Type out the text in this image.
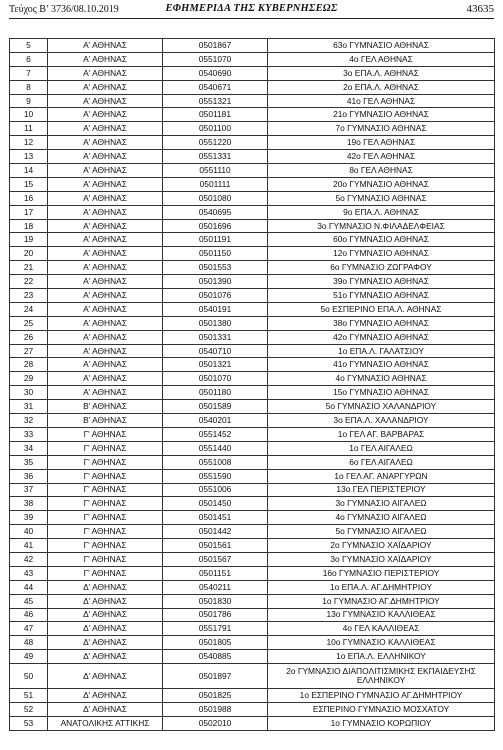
Τεύχος Β’ 3736/08.10.2019	ΕΦΗΜΕΡΙΔΑ ΤΗΣ ΚΥΒΕΡΝΗΣΕΩΣ	43635
5	Α' ΑΘΗΝΑΣ	0501867	63ο ΓΥΜΝΑΣΙΟ ΑΘΗΝΑΣ
6	Α' ΑΘΗΝΑΣ	0551070	4ο ΓΕΛ ΑΘΗΝΑΣ
7	Α' ΑΘΗΝΑΣ	0540690	3ο ΕΠΑ.Λ. ΑΘΗΝΑΣ
8	Α' ΑΘΗΝΑΣ	0540671	2ο ΕΠΑ.Λ. ΑΘΗΝΑΣ
9	Α' ΑΘΗΝΑΣ	0551321	41ο ΓΕΛ ΑΘΗΝΑΣ
10	Α' ΑΘΗΝΑΣ	0501181	21ο ΓΥΜΝΑΣΙΟ ΑΘΗΝΑΣ
11	Α' ΑΘΗΝΑΣ	0501100	7ο ΓΥΜΝΑΣΙΟ ΑΘΗΝΑΣ
12	Α' ΑΘΗΝΑΣ	0551220	19ο ΓΕΛ ΑΘΗΝΑΣ
13	Α' ΑΘΗΝΑΣ	0551331	42ο ΓΕΛ ΑΘΗΝΑΣ
14	Α' ΑΘΗΝΑΣ	0551110	8ο ΓΕΛ ΑΘΗΝΑΣ
15	Α' ΑΘΗΝΑΣ	0501111	20ο ΓΥΜΝΑΣΙΟ ΑΘΗΝΑΣ
16	Α' ΑΘΗΝΑΣ	0501080	5ο ΓΥΜΝΑΣΙΟ ΑΘΗΝΑΣ
17	Α' ΑΘΗΝΑΣ	0540695	9ο ΕΠΑ.Λ. ΑΘΗΝΑΣ
18	Α' ΑΘΗΝΑΣ	0501696	3ο ΓΥΜΝΑΣΙΟ Ν.ΦΙΛΑΔΕΛΦΕΙΑΣ
19	Α' ΑΘΗΝΑΣ	0501191	60ο ΓΥΜΝΑΣΙΟ ΑΘΗΝΑΣ
20	Α' ΑΘΗΝΑΣ	0501150	12ο ΓΥΜΝΑΣΙΟ ΑΘΗΝΑΣ
21	Α' ΑΘΗΝΑΣ	0501553	6ο ΓΥΜΝΑΣΙΟ ΖΩΓΡΑΦΟΥ
22	Α' ΑΘΗΝΑΣ	0501390	39ο ΓΥΜΝΑΣΙΟ ΑΘΗΝΑΣ
23	Α' ΑΘΗΝΑΣ	0501076	51ο ΓΥΜΝΑΣΙΟ ΑΘΗΝΑΣ
24	Α' ΑΘΗΝΑΣ	0540191	5ο ΕΣΠΕΡΙΝΟ ΕΠΑ.Λ. ΑΘΗΝΑΣ
25	Α' ΑΘΗΝΑΣ	0501380	38ο ΓΥΜΝΑΣΙΟ ΑΘΗΝΑΣ
26	Α' ΑΘΗΝΑΣ	0501331	42ο ΓΥΜΝΑΣΙΟ ΑΘΗΝΑΣ
27	Α' ΑΘΗΝΑΣ	0540710	1ο ΕΠΑ.Λ. ΓΑΛΑΤΣΙΟΥ
28	Α' ΑΘΗΝΑΣ	0501321	41ο ΓΥΜΝΑΣΙΟ ΑΘΗΝΑΣ
29	Α' ΑΘΗΝΑΣ	0501070	4ο ΓΥΜΝΑΣΙΟ ΑΘΗΝΑΣ
30	Α' ΑΘΗΝΑΣ	0501180	15ο ΓΥΜΝΑΣΙΟ ΑΘΗΝΑΣ
31	Β' ΑΘΗΝΑΣ	0501589	5ο ΓΥΜΝΑΣΙΟ ΧΑΛΑΝΔΡΙΟΥ
32	Β' ΑΘΗΝΑΣ	0540201	3ο ΕΠΑ.Λ. ΧΑΛΑΝΔΡΙΟΥ
33	Γ' ΑΘΗΝΑΣ	0551452	1ο ΓΕΛ ΑΓ. ΒΑΡΒΑΡΑΣ
34	Γ' ΑΘΗΝΑΣ	0551440	1ο ΓΕΛ ΑΙΓΑΛΕΩ
35	Γ' ΑΘΗΝΑΣ	0551008	6ο ΓΕΛ ΑΙΓΑΛΕΩ
36	Γ' ΑΘΗΝΑΣ	0551590	1ο ΓΕΛ ΑΓ. ΑΝΑΡΓΥΡΩΝ
37	Γ' ΑΘΗΝΑΣ	0551006	13ο ΓΕΛ ΠΕΡΙΣΤΕΡΙΟΥ
38	Γ' ΑΘΗΝΑΣ	0501450	3ο ΓΥΜΝΑΣΙΟ ΑΙΓΑΛΕΩ
39	Γ' ΑΘΗΝΑΣ	0501451	4ο ΓΥΜΝΑΣΙΟ ΑΙΓΑΛΕΩ
40	Γ' ΑΘΗΝΑΣ	0501442	5ο ΓΥΜΝΑΣΙΟ ΑΙΓΑΛΕΩ
41	Γ' ΑΘΗΝΑΣ	0501561	2ο ΓΥΜΝΑΣΙΟ ΧΑΪΔΑΡΙΟΥ
42	Γ' ΑΘΗΝΑΣ	0501567	3ο ΓΥΜΝΑΣΙΟ ΧΑΪΔΑΡΙΟΥ
43	Γ' ΑΘΗΝΑΣ	0501151	16ο ΓΥΜΝΑΣΙΟ ΠΕΡΙΣΤΕΡΙΟΥ
44	Δ' ΑΘΗΝΑΣ	0540211	1ο ΕΠΑ.Λ. ΑΓ.ΔΗΜΗΤΡΙΟΥ
45	Δ' ΑΘΗΝΑΣ	0501830	1ο ΓΥΜΝΑΣΙΟ ΑΓ.ΔΗΜΗΤΡΙΟΥ
46	Δ' ΑΘΗΝΑΣ	0501786	13ο ΓΥΜΝΑΣΙΟ ΚΑΛΛΙΘΕΑΣ
47	Δ' ΑΘΗΝΑΣ	0551791	4ο ΓΕΛ ΚΑΛΛΙΘΕΑΣ
48	Δ' ΑΘΗΝΑΣ	0501805	10ο ΓΥΜΝΑΣΙΟ ΚΑΛΛΙΘΕΑΣ
49	Δ' ΑΘΗΝΑΣ	0540885	1ο ΕΠΑ.Λ. ΕΛΛΗΝΙΚΟΥ
50	Δ' ΑΘΗΝΑΣ	0501897	2ο ΓΥΜΝΑΣΙΟ ΔΙΑΠΟΛΙΤΙΣΜΙΚΗΣ ΕΚΠΑΙΔΕΥΣΗΣ ΕΛΛΗΝΙΚΟΥ
51	Δ' ΑΘΗΝΑΣ	0501825	1ο ΕΣΠΕΡΙΝΟ ΓΥΜΝΑΣΙΟ ΑΓ.ΔΗΜΗΤΡΙΟΥ
52	Δ' ΑΘΗΝΑΣ	0501988	ΕΣΠΕΡΙΝΟ ΓΥΜΝΑΣΙΟ ΜΟΣΧΑΤΟΥ
53	ΑΝΑΤΟΛΙΚΗΣ ΑΤΤΙΚΗΣ	0502010	1ο ΓΥΜΝΑΣΙΟ ΚΟΡΩΠΙΟΥ
